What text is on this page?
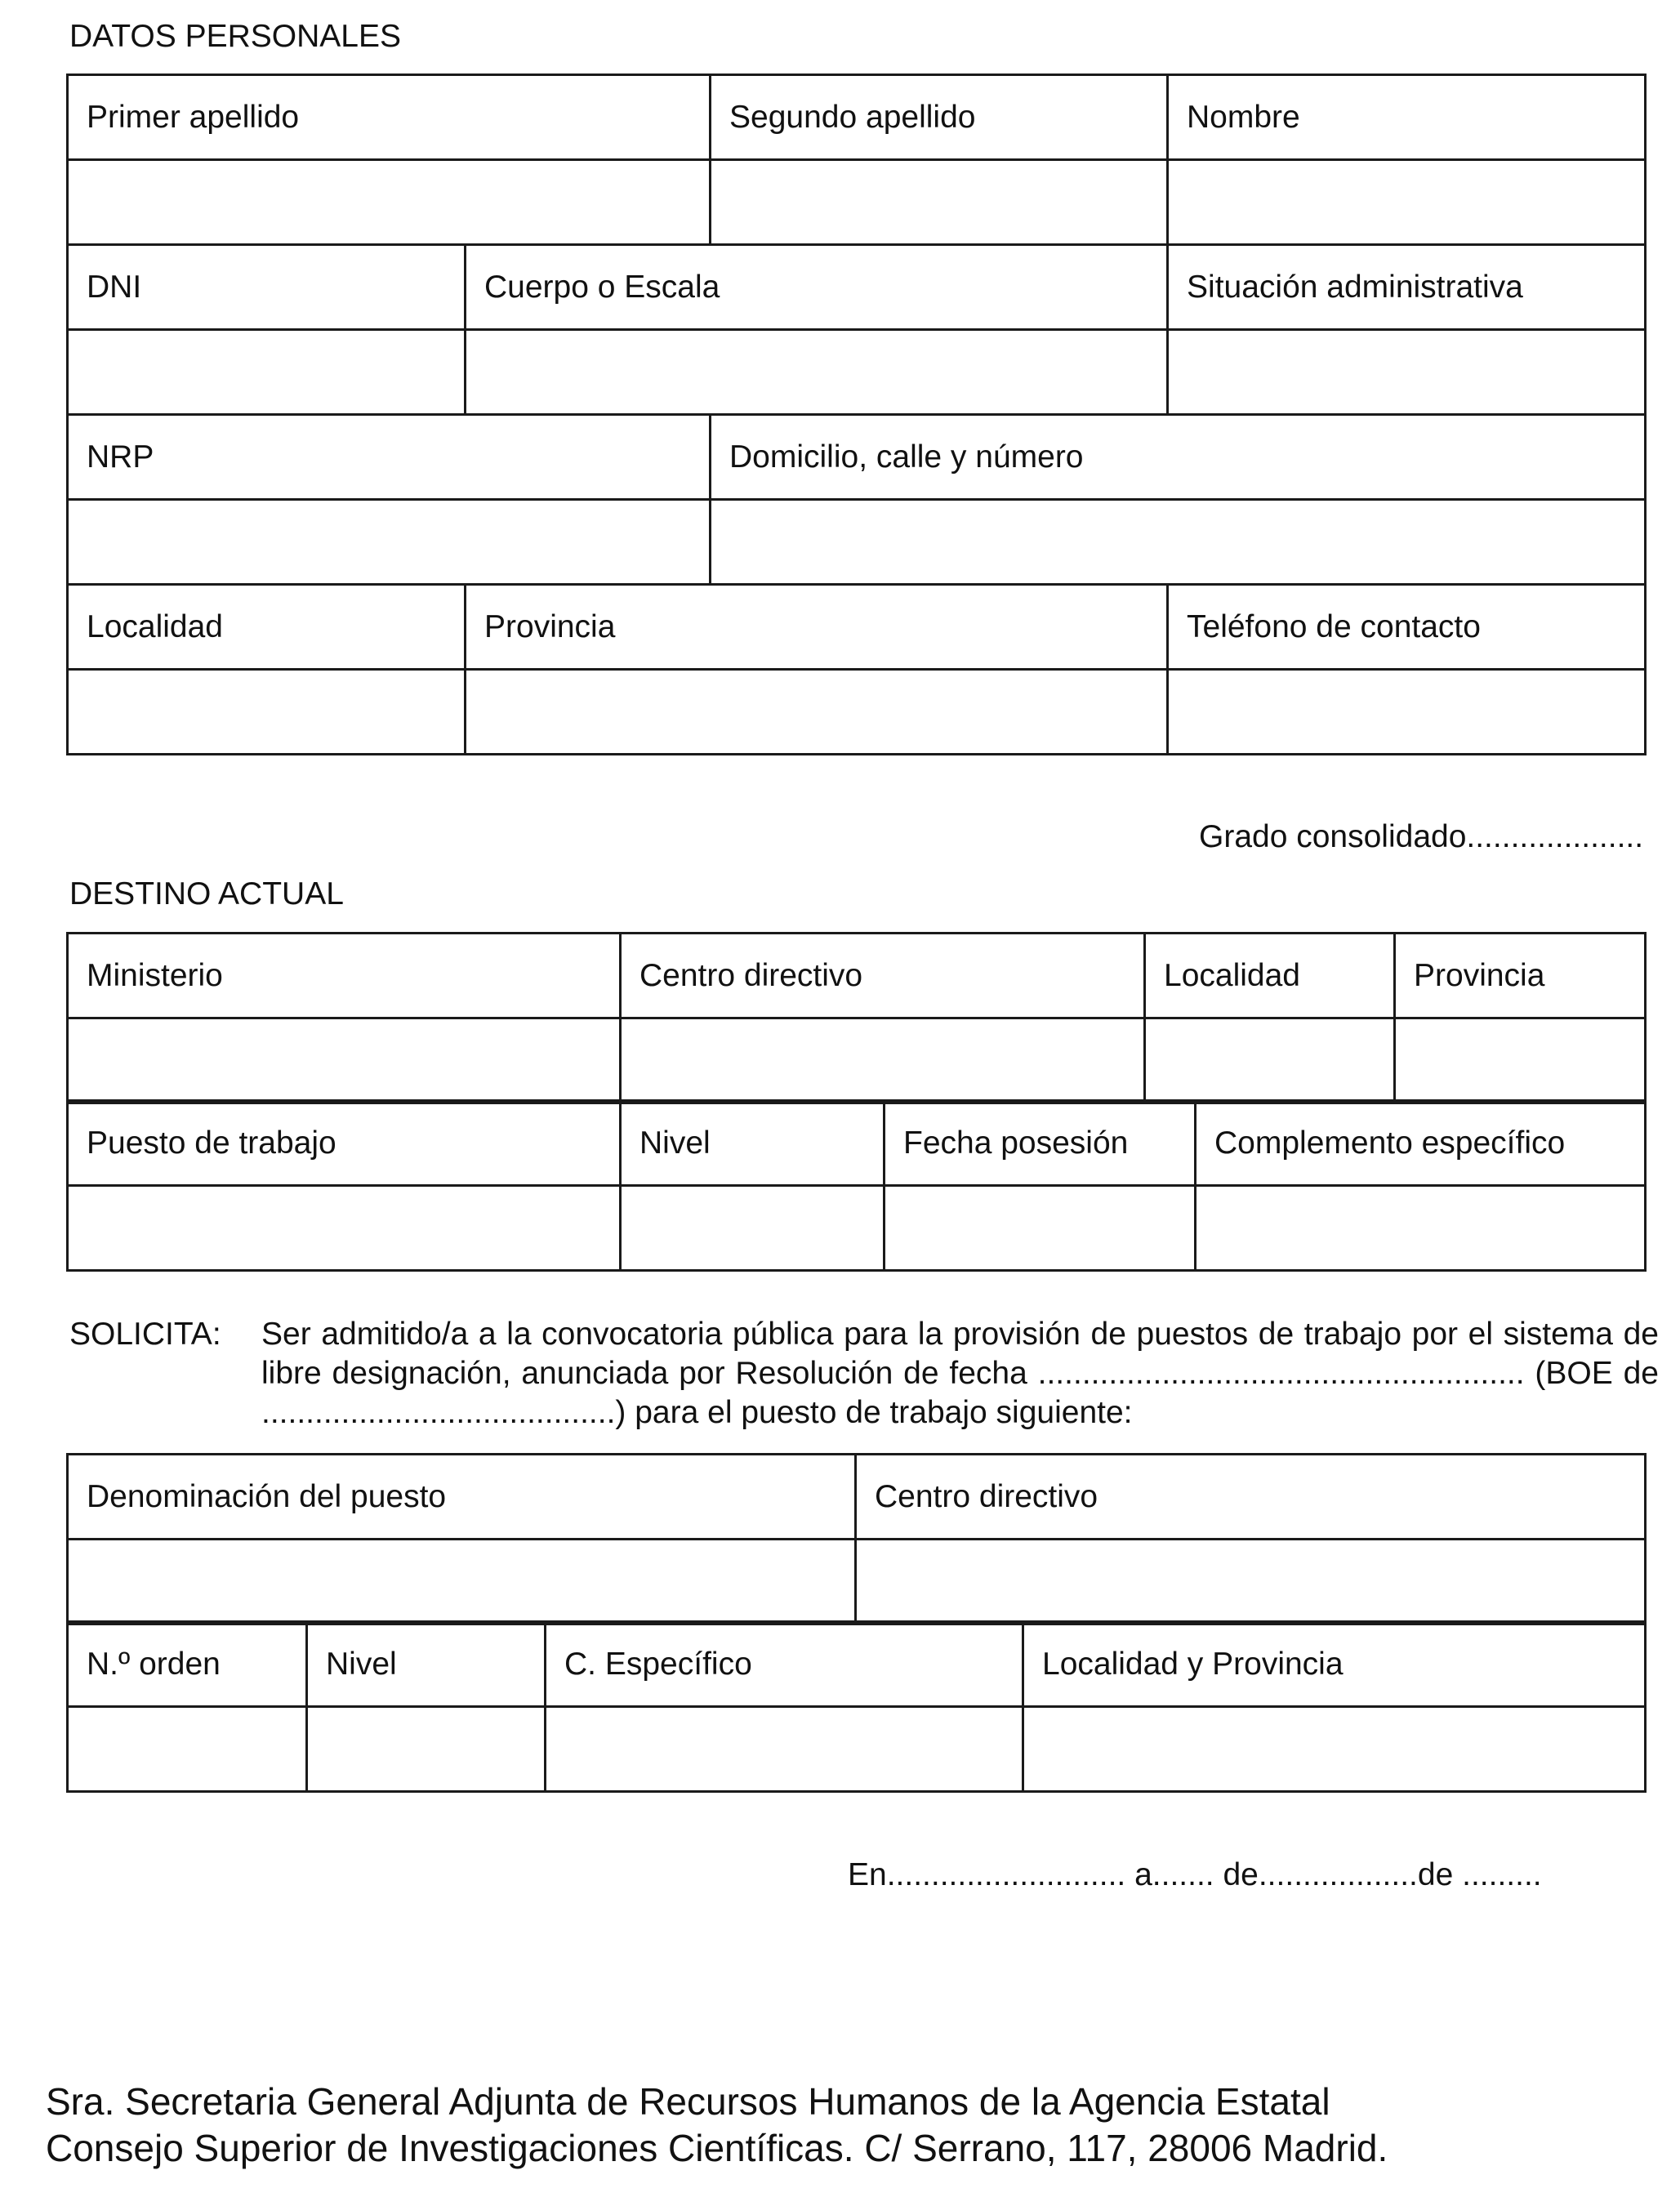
DATOS PERSONALES
Primer apellido		Segundo apellido	Nombre

DNI	Cuerpo o Escala		Situación administrativa

NRP		Domicilio, calle y número	

Localidad	Provincia		Teléfono de contacto

Grado consolidado....................
DESTINO ACTUAL
Ministerio	Centro directivo	Localidad	Provincia

Puesto de trabajo	Nivel	Fecha posesión	Complemento específico

SOLICITA: Ser admitido/a a la convocatoria pública para la provisión de puestos de trabajo por el sistema de libre designación, anunciada por Resolución de fecha ....................................................... (BOE de ........................................) para el puesto de trabajo siguiente:
Denominación del puesto	Centro directivo

N.º orden	Nivel	C. Específico	Localidad y Provincia

En........................... a....... de..................de .........
Sra. Secretaria General Adjunta de Recursos Humanos de la Agencia Estatal
Consejo Superior de Investigaciones Científicas. C/ Serrano, 117, 28006 Madrid.
